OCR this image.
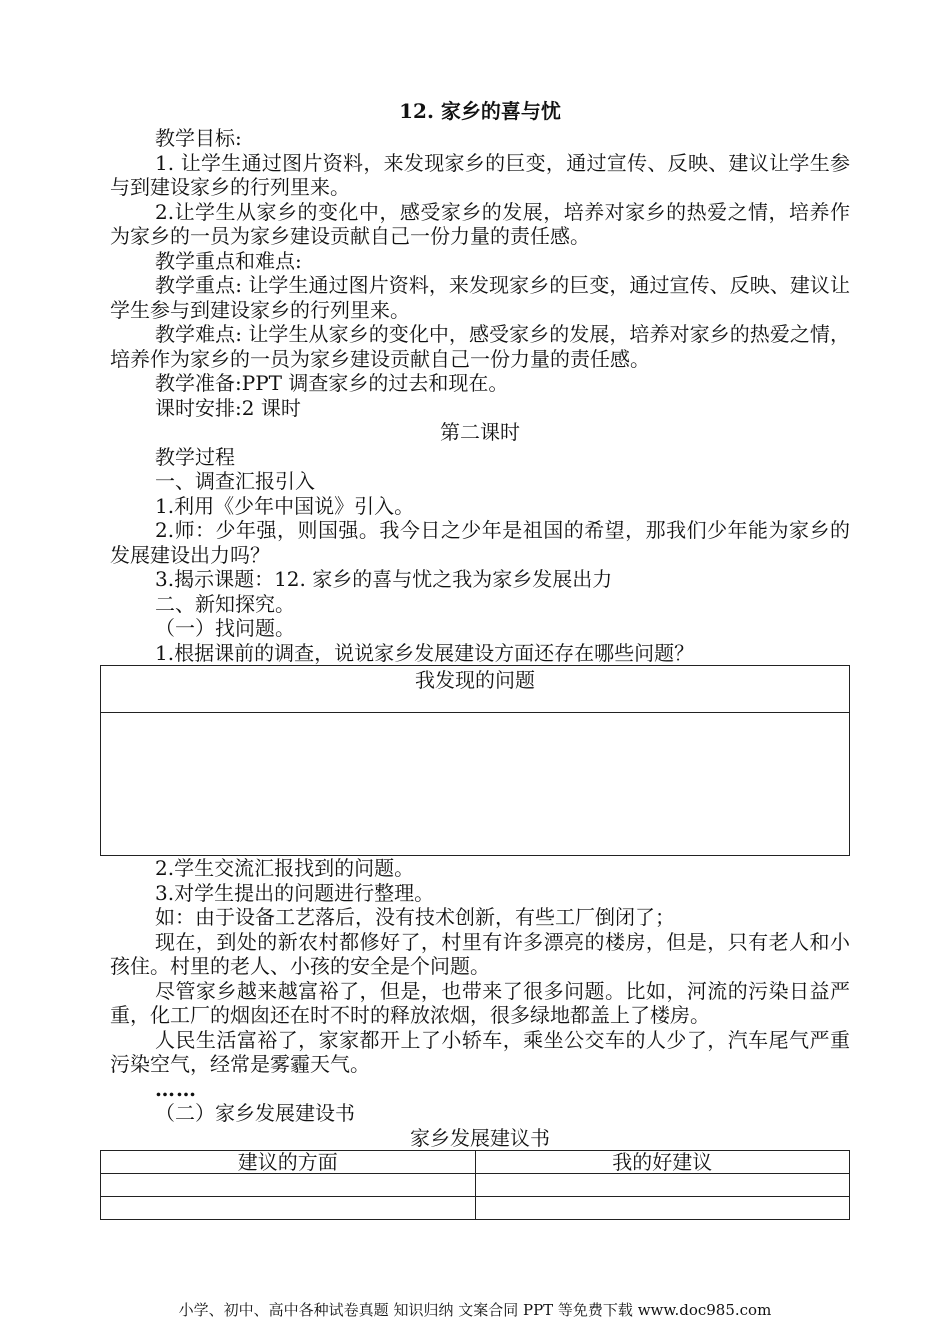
12. 家乡的喜与忧
教学目标:
1. 让学生通过图片资料，来发现家乡的巨变，通过宣传、反映、建议让学生参与到建设家乡的行列里来。
2.让学生从家乡的变化中，感受家乡的发展，培养对家乡的热爱之情，培养作为家乡的一员为家乡建设贡献自己一份力量的责任感。
教学重点和难点:
教学重点: 让学生通过图片资料，来发现家乡的巨变，通过宣传、反映、建议让学生参与到建设家乡的行列里来。
教学难点: 让学生从家乡的变化中，感受家乡的发展，培养对家乡的热爱之情，培养作为家乡的一员为家乡建设贡献自己一份力量的责任感。
教学准备:PPT 调查家乡的过去和现在。
课时安排:2 课时
第二课时
教学过程
一、调查汇报引入
1.利用《少年中国说》引入。
2.师：少年强，则国强。我今日之少年是祖国的希望，那我们少年能为家乡的发展建设出力吗？
3.揭示课题：12. 家乡的喜与忧之我为家乡发展出力
二、新知探究。
（一）找问题。
1.根据课前的调查，说说家乡发展建设方面还存在哪些问题？
我发现的问题

2.学生交流汇报找到的问题。
3.对学生提出的问题进行整理。
如：由于设备工艺落后，没有技术创新，有些工厂倒闭了；
现在，到处的新农村都修好了，村里有许多漂亮的楼房，但是，只有老人和小孩住。村里的老人、小孩的安全是个问题。
尽管家乡越来越富裕了，但是，也带来了很多问题。比如，河流的污染日益严重，化工厂的烟囱还在时不时的释放浓烟，很多绿地都盖上了楼房。
人民生活富裕了，家家都开上了小轿车，乘坐公交车的人少了，汽车尾气严重污染空气，经常是雾霾天气。
……
（二）家乡发展建设书
家乡发展建议书
建议的方面	我的好建议

小学、初中、高中各种试卷真题 知识归纳 文案合同 PPT 等免费下载 www.doc985.com
